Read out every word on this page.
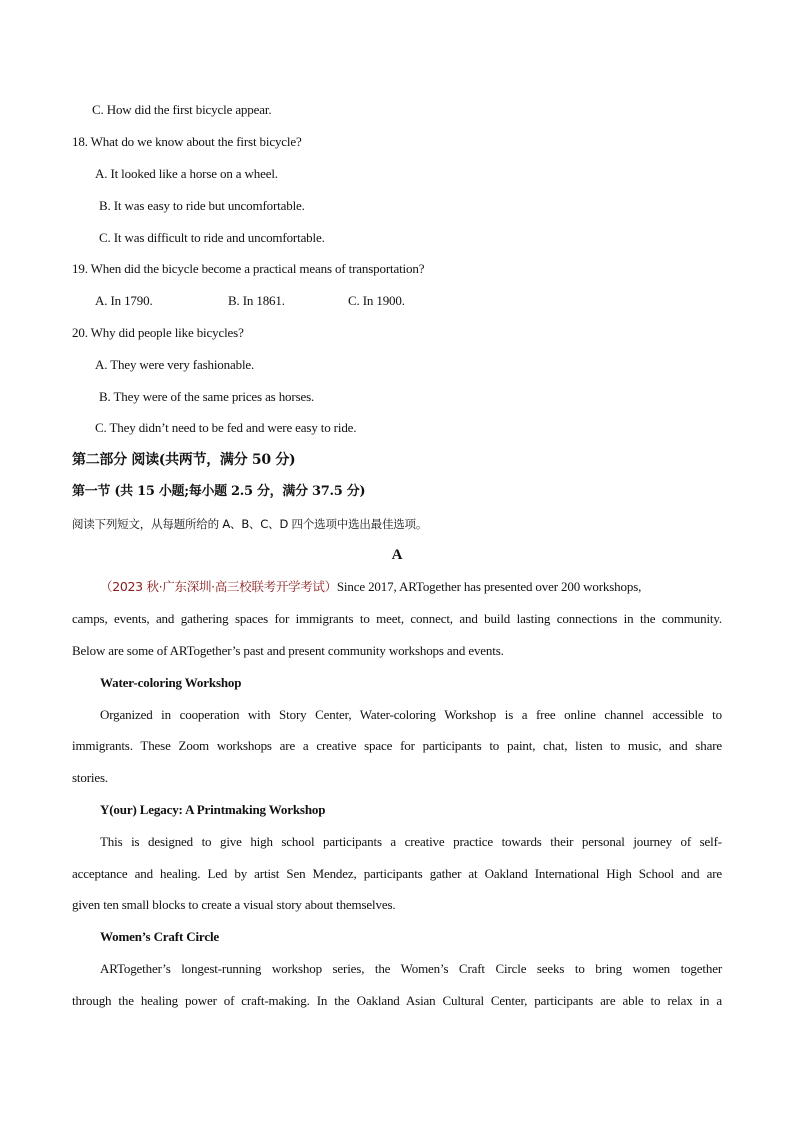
C. How did the first bicycle appear.
18. What do we know about the first bicycle?
A. It looked like a horse on a wheel.
B. It was easy to ride but uncomfortable.
C. It was difficult to ride and uncomfortable.
19. When did the bicycle become a practical means of transportation?
A. In 1790.	B. In 1861.	C. In 1900.
20. Why did people like bicycles?
A. They were very fashionable.
B. They were of the same prices as horses.
C. They didn’t need to be fed and were easy to ride.
第二部分 阅读(共两节，满分 50 分)
第一节 (共 15 小题;每小题 2.5 分，满分 37.5 分)
阅读下列短文，从每题所给的 A、B、C、D 四个选项中选出最佳选项。
A
（2023 秋·广东深圳·高三校联考开学考试）Since 2017, ARTogether has presented over 200 workshops,
camps, events, and gathering spaces for immigrants to meet, connect, and build lasting connections in the community.
Below are some of ARTogether’s past and present community workshops and events.
Water-coloring Workshop
Organized in cooperation with Story Center, Water-coloring Workshop is a free online channel accessible to
immigrants. These Zoom workshops are a creative space for participants to paint, chat, listen to music, and share
stories.
Y(our) Legacy: A Printmaking Workshop
This is designed to give high school participants a creative practice towards their personal journey of self-
acceptance and healing. Led by artist Sen Mendez, participants gather at Oakland International High School and are
given ten small blocks to create a visual story about themselves.
Women’s Craft Circle
ARTogether’s longest-running workshop series, the Women’s Craft Circle seeks to bring women together
through the healing power of craft-making. In the Oakland Asian Cultural Center, participants are able to relax in a
